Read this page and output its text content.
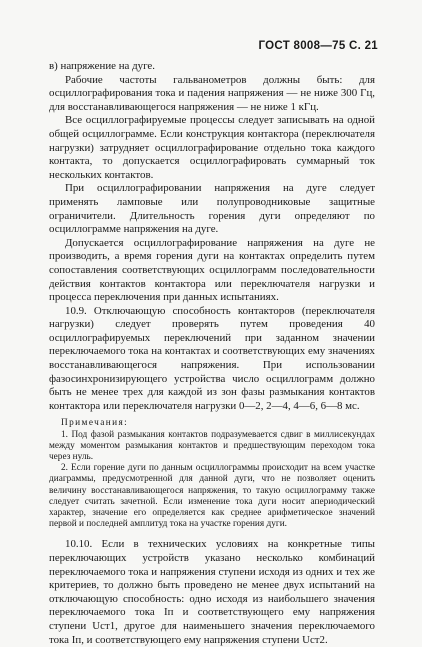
ГОСТ 8008—75 С. 21

в) напряжение на дуге.

Рабочие частоты гальванометров должны быть: для осциллографирования тока и падения напряжения — не ниже 300 Гц, для восстанавливающегося напряжения — не ниже 1 кГц.

Все осциллографируемые процессы следует записывать на одной общей осциллограмме. Если конструкция контактора (переключателя нагрузки) затрудняет осциллографирование отдельно тока каждого контакта, то допускается осциллографировать суммарный ток нескольких контактов.

При осциллографировании напряжения на дуге следует применять ламповые или полупроводниковые защитные ограничители. Длительность горения дуги определяют по осциллограмме напряжения на дуге.

Допускается осциллографирование напряжения на дуге не производить, а время горения дуги на контактах определить путем сопоставления соответствующих осциллограмм последовательности действия контактов контактора или переключателя нагрузки и процесса переключения при данных испытаниях.

10.9. Отключающую способность контакторов (переключателя нагрузки) следует проверять путем проведения 40 осциллографируемых переключений при заданном значении переключаемого тока на контактах и соответствующих ему значениях восстанавливающегося напряжения. При использовании фазосинхронизирующего устройства число осциллограмм должно быть не менее трех для каждой из зон фазы размыкания контактов контактора или переключателя нагрузки 0—2, 2—4, 4—6, 6—8 мс.

Примечания:

1. Под фазой размыкания контактов подразумевается сдвиг в миллисекундах между моментом размыкания контактов и предшествующим переходом тока через нуль.

2. Если горение дуги по данным осциллограммы происходит на всем участке диаграммы, предусмотренной для данной дуги, что не позволяет оценить величину восстанавливающегося напряжения, то такую осциллограмму также следует считать зачетной. Если изменение тока дуги носит апериодический характер, значение его определяется как среднее арифметическое значений первой и последней амплитуд тока на участке горения дуги.

10.10. Если в технических условиях на конкретные типы переключающих устройств указано несколько комбинаций переключаемого тока и напряжения ступени исходя из одних и тех же критериев, то должно быть проведено не менее двух испытаний на отключающую способность: одно исходя из наибольшего значения переключаемого тока Iп и соответствующего ему напряжения ступени Uст1, другое для наименьшего значения переключаемого тока Iп, и соответствующего ему напряжения ступени Uст2.
